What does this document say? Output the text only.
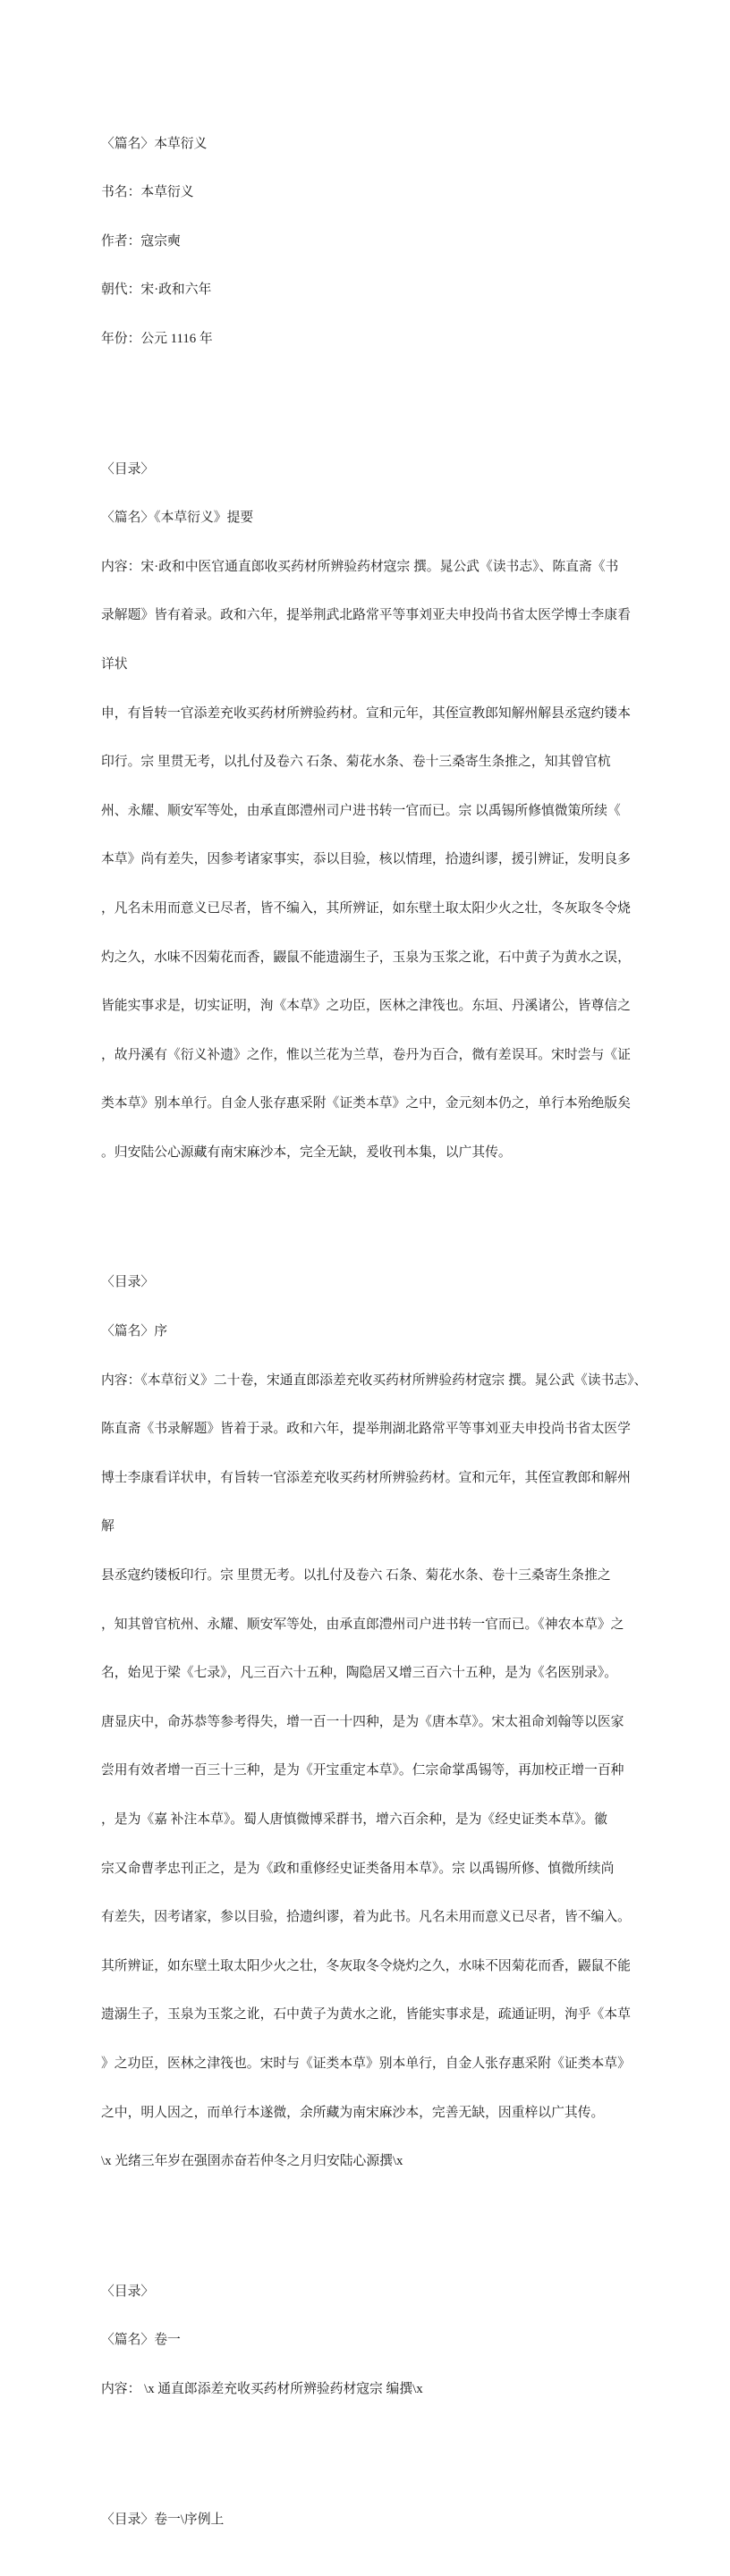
〈篇名〉本草衍义

书名：本草衍义

作者：寇宗奭

朝代：宋·政和六年

年份：公元 1116 年

〈目录〉

〈篇名〉《本草衍义》提要

内容：宋·政和中医官通直郎收买药材所辨验药材寇宗 撰。晁公武《读书志》、陈直斋《书

录解题》皆有着录。政和六年，提举荆武北路常平等事刘亚夫申投尚书省太医学博士李康看

详状

申，有旨转一官添差充收买药材所辨验药材。宣和元年，其侄宣教郎知解州解县丞寇约镂本

印行。宗 里贯无考，以扎付及卷六 石条、菊花水条、卷十三桑寄生条推之，知其曾官杭

州、永耀、顺安军等处，由承直郎澧州司户进书转一官而已。宗 以禹锡所修慎微策所续《

本草》尚有差失，因参考诸家事实，忝以目验，核以情理，拾遗纠谬，援引辨证，发明良多

，凡名未用而意义已尽者，皆不编入，其所辨证，如东壁土取太阳少火之壮，冬灰取冬令烧

灼之久，水味不因菊花而香，鼹鼠不能遗溺生子，玉泉为玉浆之讹，石中黄子为黄水之误，

皆能实事求是，切实证明，洵《本草》之功臣，医林之津筏也。东垣、丹溪诸公，皆尊信之

，故丹溪有《衍义补遗》之作，惟以兰花为兰草，卷丹为百合，微有差误耳。宋时尝与《证

类本草》别本单行。自金人张存惠采附《证类本草》之中，金元刻本仍之，单行本殆绝版矣

。归安陆公心源藏有南宋麻沙本，完全无缺，爰收刊本集，以广其传。

〈目录〉

〈篇名〉序

内容：《本草衍义》二十卷，宋通直郎添差充收买药材所辨验药材寇宗 撰。晁公武《读书志》、

陈直斋《书录解题》皆着于录。政和六年，提举荆湖北路常平等事刘亚夫申投尚书省太医学

博士李康看详状申，有旨转一官添差充收买药材所辨验药材。宣和元年，其侄宣教郎和解州

解

县丞寇约镂板印行。宗 里贯无考。以扎付及卷六 石条、菊花水条、卷十三桑寄生条推之

，知其曾官杭州、永耀、顺安军等处，由承直郎澧州司户进书转一官而已。《神农本草》之

名，始见于梁《七录》，凡三百六十五种，陶隐居又增三百六十五种，是为《名医别录》。

唐显庆中，命苏恭等参考得失，增一百一十四种，是为《唐本草》。宋太祖命刘翰等以医家

尝用有效者增一百三十三种，是为《开宝重定本草》。仁宗命掌禹锡等，再加校正增一百种

，是为《嘉 补注本草》。蜀人唐慎微博采群书，增六百余种，是为《经史证类本草》。徽

宗又命曹孝忠刊正之，是为《政和重修经史证类备用本草》。宗 以禹锡所修、慎微所续尚

有差失，因考诸家，参以目验，拾遗纠谬，着为此书。凡名未用而意义已尽者，皆不编入。

其所辨证，如东壁土取太阳少火之壮，冬灰取冬令烧灼之久，水味不因菊花而香，鼹鼠不能

遗溺生子，玉泉为玉浆之讹，石中黄子为黄水之讹，皆能实事求是，疏通证明，洵乎《本草

》之功臣，医林之津筏也。宋时与《证类本草》别本单行，自金人张存惠采附《证类本草》

之中，明人因之，而单行本遂微，余所藏为南宋麻沙本，完善无缺，因重梓以广其传。

\x 光绪三年岁在强圉赤奋若仲冬之月归安陆心源撰\x

〈目录〉

〈篇名〉卷一

内容： \x 通直郎添差充收买药材所辨验药材寇宗 编撰\x

〈目录〉卷一\序例上
